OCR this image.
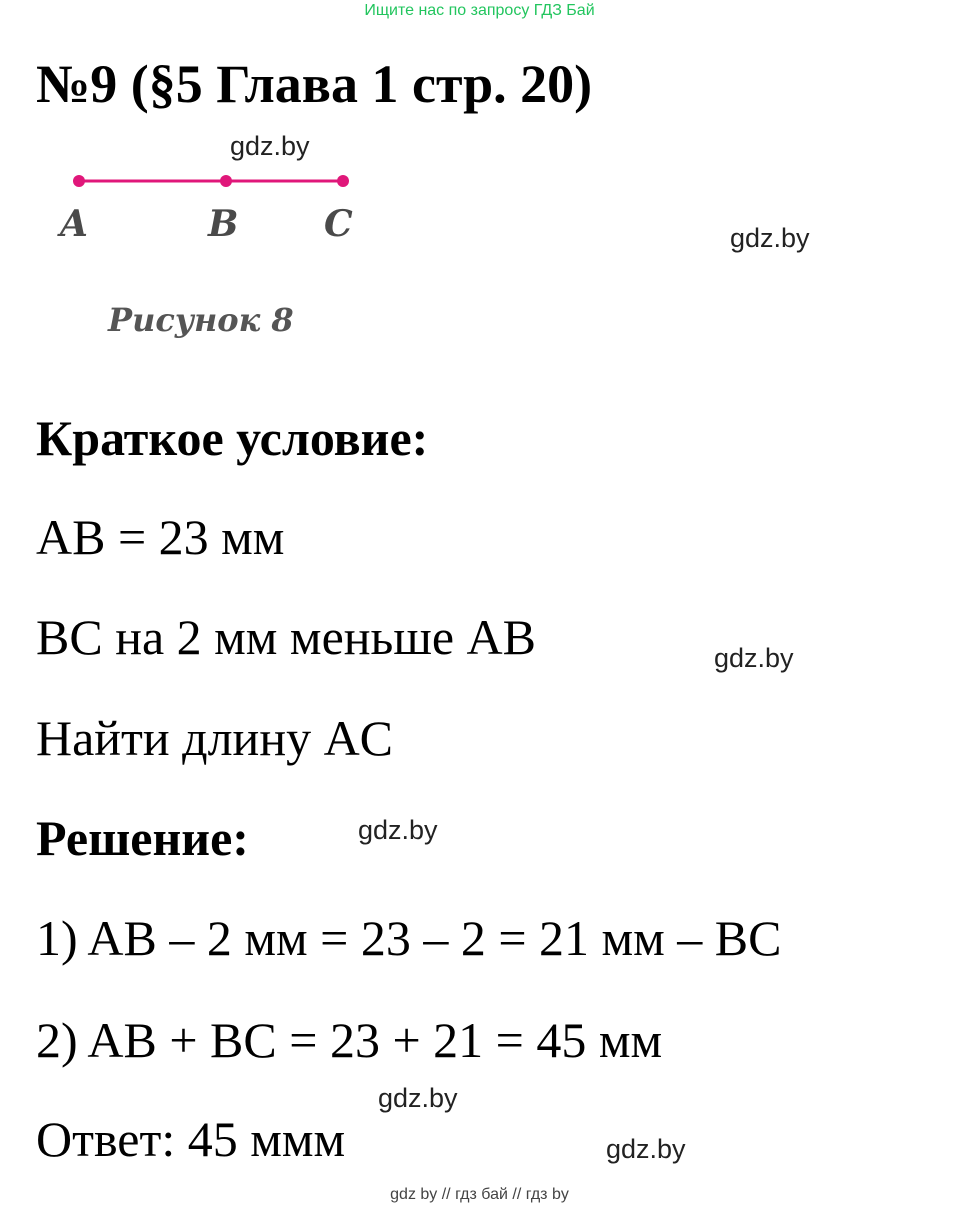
Ищите нас по запросу ГДЗ Бай
№9 (§5 Глава 1 стр. 20)
gdz.by
A	B C
Рисунок 8
gdz.by
Краткое условие:
AB = 23 мм
BC на 2 мм меньше AB	gdz.by
Найти длину AC
Решение:	gdz.by
1) AB – 2 мм = 23 – 2 = 21 мм – BC
2) AB + BC = 23 + 21 = 45 мм
gdz.by
Ответ: 45 ммм	gdz.by
gdz by // гдз бай // гдз by
